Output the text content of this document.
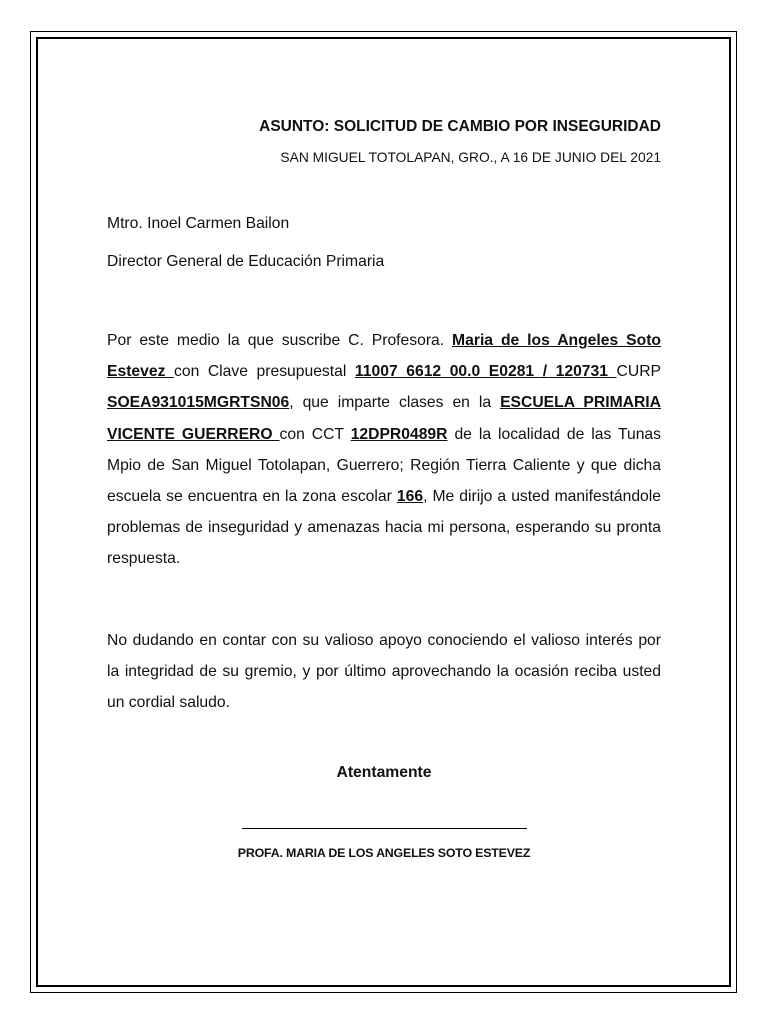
ASUNTO: SOLICITUD DE CAMBIO POR INSEGURIDAD

SAN MIGUEL TOTOLAPAN, GRO., A 16 DE JUNIO DEL 2021

Mtro. Inoel Carmen Bailon

Director General de Educación Primaria

Por este medio la que suscribe C. Profesora. Maria de los Angeles Soto Estevez con Clave presupuestal 11007 6612 00.0 E0281 / 120731 CURP SOEA931015MGRTSN06, que imparte clases en la ESCUELA PRIMARIA VICENTE GUERRERO con CCT 12DPR0489R de la localidad de las Tunas Mpio de San Miguel Totolapan, Guerrero; Región Tierra Caliente y que dicha escuela se encuentra en la zona escolar 166, Me dirijo a usted manifestándole problemas de inseguridad y amenazas hacia mi persona, esperando su pronta respuesta.

No dudando en contar con su valioso apoyo conociendo el valioso interés por la integridad de su gremio, y por último aprovechando la ocasión reciba usted un cordial saludo.

Atentamente

PROFA. MARIA DE LOS ANGELES SOTO ESTEVEZ
